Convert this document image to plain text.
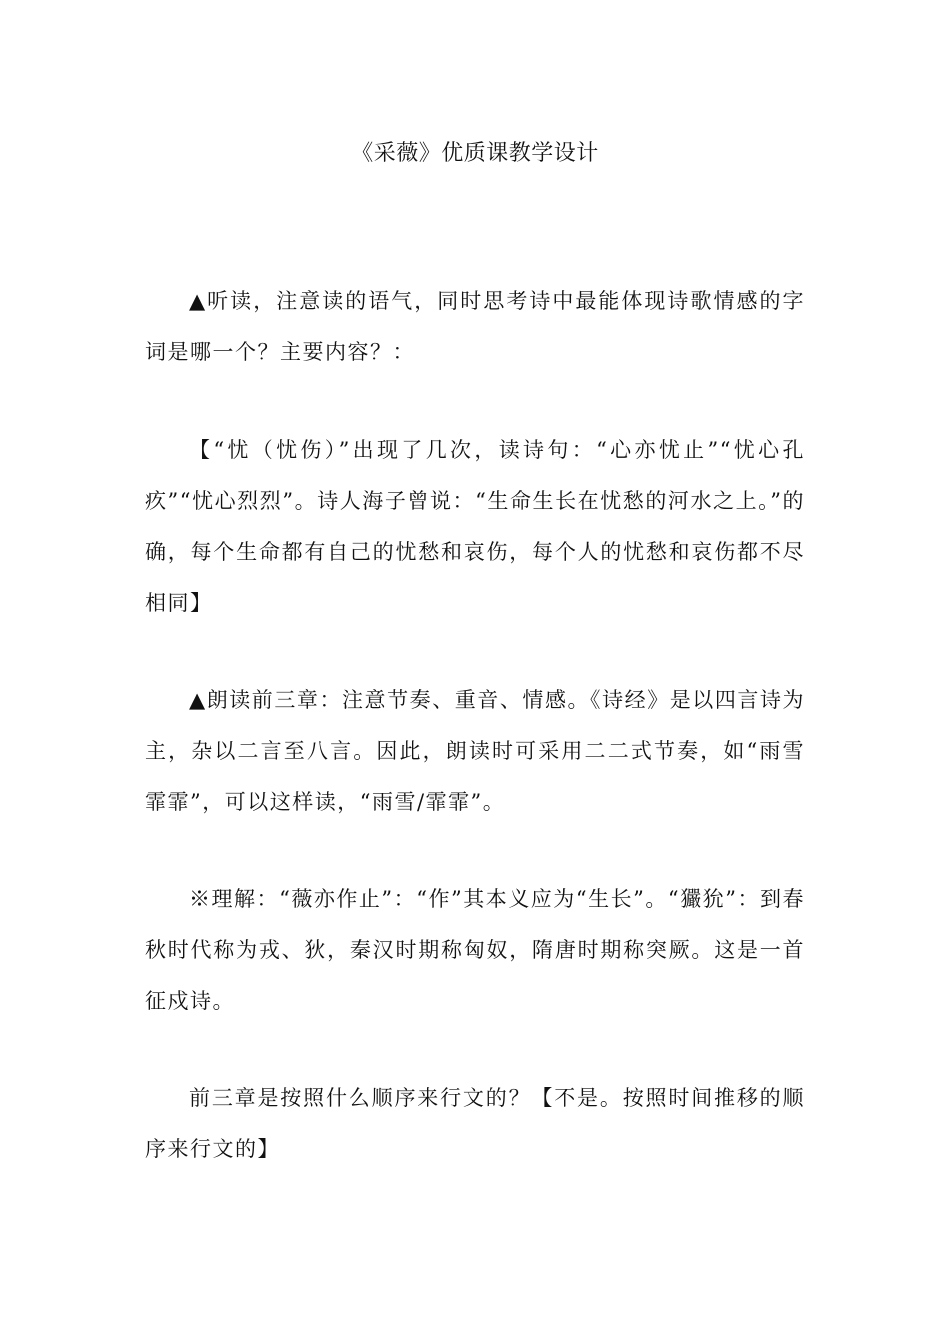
《采薇》优质课教学设计

▲听读，注意读的语气，同时思考诗中最能体现诗歌情感的字词是哪一个？主要内容？：

【“忧（忧伤）”出现了几次，读诗句：“心亦忧止”“忧心孔疚”“忧心烈烈”。诗人海子曾说：“生命生长在忧愁的河水之上。”的确，每个生命都有自己的忧愁和哀伤，每个人的忧愁和哀伤都不尽相同】

▲朗读前三章：注意节奏、重音、情感。《诗经》是以四言诗为主，杂以二言至八言。因此，朗读时可采用二二式节奏，如“雨雪霏霏”，可以这样读，“雨雪/霏霏”。

※理解：“薇亦作止”：“作”其本义应为“生长”。“玁狁”：到春秋时代称为戎、狄，秦汉时期称匈奴，隋唐时期称突厥。这是一首征戍诗。

前三章是按照什么顺序来行文的？【不是。按照时间推移的顺序来行文的】
